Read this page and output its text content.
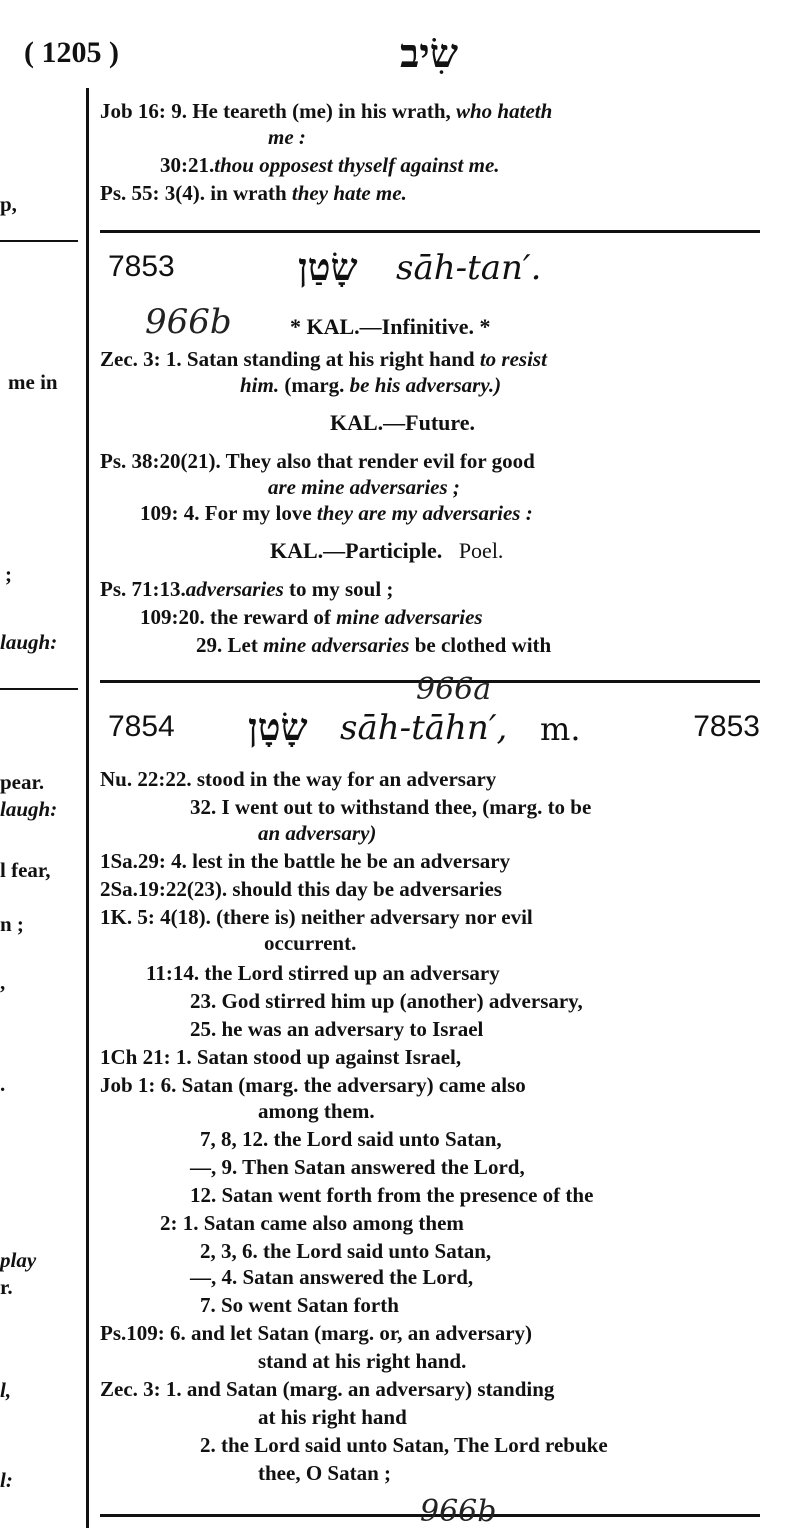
( 1205 )	שִׂיב
p,
me in
;
laugh:
pear.
laugh:
l fear,
n ;
,
.
play
r.
l,
l:
Job 16: 9. He teareth (me) in his wrath, who hateth
me :
30:21.thou opposest thyself against me.
Ps. 55: 3(4). in wrath they hate me.
7853	שָׂטַן sāh-tan′.
966b	* KAL.—Infinitive. *
Zec. 3: 1. Satan standing at his right hand to resist
him. (marg. be his adversary.)
KAL.—Future.
Ps. 38:20(21). They also that render evil for good
are mine adversaries ;
109: 4. For my love they are my adversaries :
KAL.—Participle. Poel.
Ps. 71:13.adversaries to my soul ;
109:20. the reward of mine adversaries
29. Let mine adversaries be clothed with
966a
7854 שָׂטָן sāh-tāhn′, m.	7853
Nu. 22:22. stood in the way for an adversary
32. I went out to withstand thee, (marg. to be
an adversary)
1Sa.29: 4. lest in the battle he be an adversary
2Sa.19:22(23). should this day be adversaries
1K. 5: 4(18). (there is) neither adversary nor evil
occurrent.
11:14. the Lord stirred up an adversary
23. God stirred him up (another) adversary,
25. he was an adversary to Israel
1Ch 21: 1. Satan stood up against Israel,
Job 1: 6. Satan (marg. the adversary) came also
among them.
7, 8, 12. the Lord said unto Satan,
—, 9. Then Satan answered the Lord,
12. Satan went forth from the presence of the
2: 1. Satan came also among them
2, 3, 6. the Lord said unto Satan,
—, 4. Satan answered the Lord,
7. So went Satan forth
Ps.109: 6. and let Satan (marg. or, an adversary)
stand at his right hand.
Zec. 3: 1. and Satan (marg. an adversary) standing
at his right hand
2. the Lord said unto Satan, The Lord rebuke
thee, O Satan ;
966b
